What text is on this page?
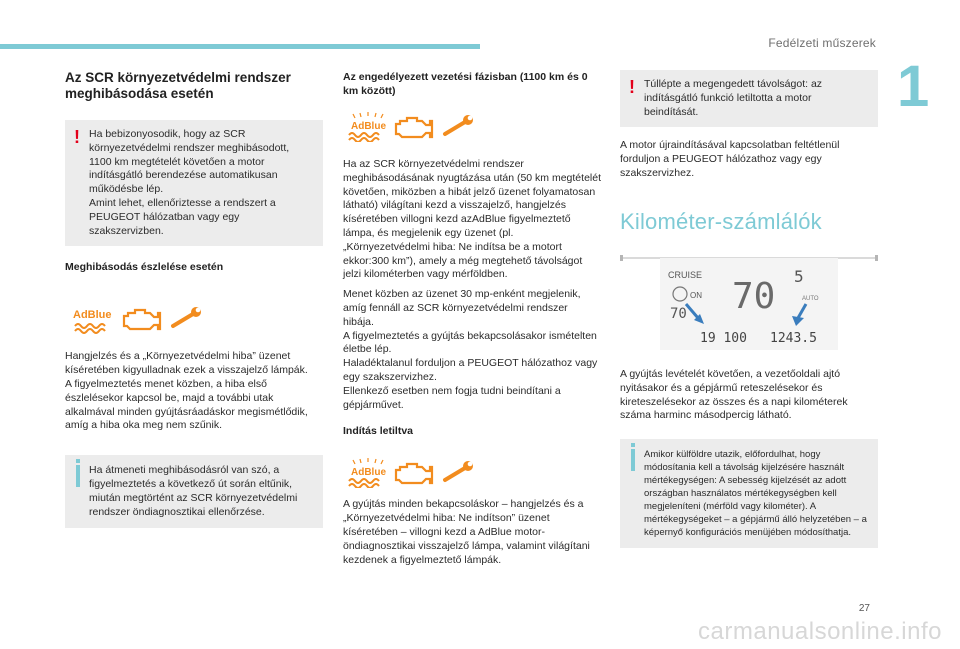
Fedélzeti műszerek
1
Az SCR környezetvédelmi rendszer meghibásodása esetén
! Ha bebizonyosodik, hogy az SCR környezetvédelmi rendszer meghibásodott, 1100 km megtételét követően a motor indításgátló berendezése automatikusan működésbe lép.

Amint lehet, ellenőriztesse a rendszert a PEUGEOT hálózatban vagy egy szakszervizben.

Meghibásodás észlelése esetén
AdBlue

Hangjelzés és a „Környezetvédelmi hiba” üzenet kíséretében kigyulladnak ezek a visszajelző lámpák.

A figyelmeztetés menet közben, a hiba első észlelésekor kapcsol be, majd a további utak alkalmával minden gyújtásráadáskor megismétlődik, amíg a hiba oka meg nem szűnik.

Ha átmeneti meghibásodásról van szó, a figyelmeztetés a következő út során eltűnik, miután megtörtént az SCR környezetvédelmi rendszer öndiagnosztikai ellenőrzése.

Az engedélyezett vezetési fázisban (1100 km és 0 km között)
AdBlue

Ha az SCR környezetvédelmi rendszer meghibásodásának nyugtázása után (50 km megtételét követően, miközben a hibát jelző üzenet folyamatosan látható) világítani kezd a visszajelző, hangjelzés kíséretében villogni kezd azAdBlue figyelmeztető lámpa, és megjelenik egy üzenet (pl. „Környezetvédelmi hiba: Ne indítsa be a motort ekkor:300 km”), amely a még megtehető távolságot jelzi kilométerben vagy mérföldben.

Menet közben az üzenet 30 mp-enként megjelenik, amíg fennáll az SCR környezetvédelmi rendszer hibája.

A figyelmeztetés a gyújtás bekapcsolásakor ismételten életbe lép.

Haladéktalanul forduljon a PEUGEOT hálózathoz vagy egy szakszervizhez.

Ellenkező esetben nem fogja tudni beindítani a gépjárművet.

Indítás letiltva
AdBlue

A gyújtás minden bekapcsoláskor – hangjelzés és a „Környezetvédelmi hiba: Ne indítson” üzenet kíséretében – villogni kezd a AdBlue motor-öndiagnosztikai visszajelző lámpa, valamint világítani kezdenek a figyelmeztető lámpák.

! Túllépte a megengedett távolságot: az indításgátló funkció letiltotta a motor beindítását.

A motor újraindításával kapcsolatban feltétlenül forduljon a PEUGEOT hálózathoz vagy egy szakszervizhez.

Kilométer-számlálók
CRUISE
ON
70 70 5
AUTO
19 100 1243.5

A gyújtás levételét követően, a vezetőoldali ajtó nyitásakor és a gépjármű reteszelésekor és kireteszelésekor az összes és a napi kilométerek száma harminc másodpercig látható.

Amikor külföldre utazik, előfordulhat, hogy módosítania kell a távolság kijelzésére használt mértékegységen: A sebesség kijelzését az adott országban használatos mértékegységben kell megjeleníteni (mérföld vagy kilométer). A mértékegységeket – a gépjármű álló helyzetében – a képernyő konfigurációs menüjében módosíthatja.

27
carmanualsonline.info
